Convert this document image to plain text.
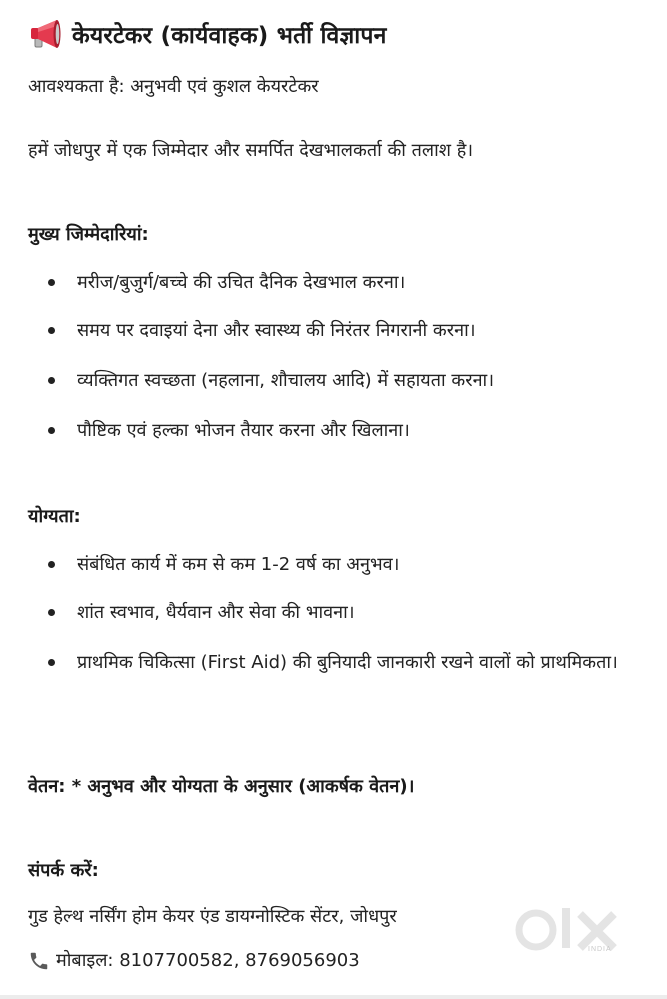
केयरटेकर (कार्यवाहक) भर्ती विज्ञापन
आवश्यकता है: अनुभवी एवं कुशल केयरटेकर
हमें जोधपुर में एक जिम्मेदार और समर्पित देखभालकर्ता की तलाश है।
मुख्य जिम्मेदारियां:
मरीज/बुजुर्ग/बच्चे की उचित दैनिक देखभाल करना।
समय पर दवाइयां देना और स्वास्थ्य की निरंतर निगरानी करना।
व्यक्तिगत स्वच्छता (नहलाना, शौचालय आदि) में सहायता करना।
पौष्टिक एवं हल्का भोजन तैयार करना और खिलाना।
योग्यता:
संबंधित कार्य में कम से कम 1-2 वर्ष का अनुभव।
शांत स्वभाव, धैर्यवान और सेवा की भावना।
प्राथमिक चिकित्सा (First Aid) की बुनियादी जानकारी रखने वालों को प्राथमिकता।
वेतन: * अनुभव और योग्यता के अनुसार (आकर्षक वेतन)।
संपर्क करें:
गुड हेल्थ नर्सिंग होम केयर एंड डायग्नोस्टिक सेंटर, जोधपुर
मोबाइल: 8107700582, 8769056903
INDIA
